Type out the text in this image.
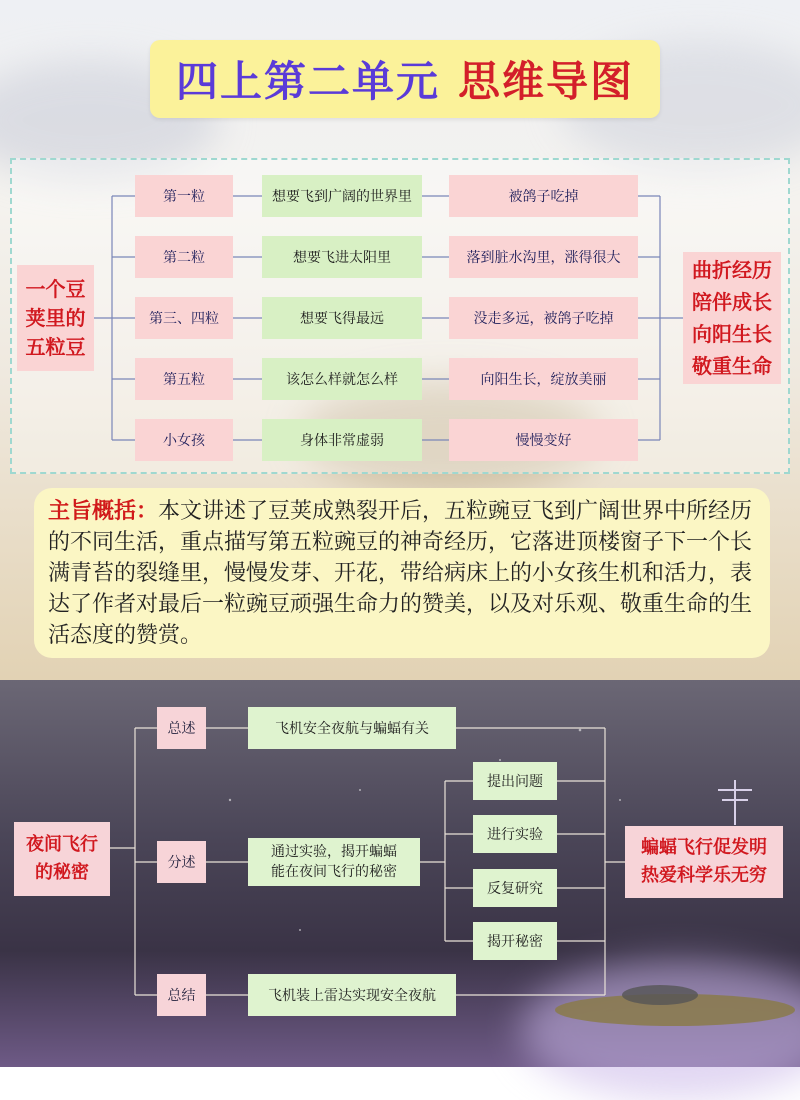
四上第二单元 思维导图
一个豆
荚里的
五粒豆
第一粒
第二粒
第三、四粒
第五粒
小女孩
想要飞到广阔的世界里
想要飞进太阳里
想要飞得最远
该怎么样就怎么样
身体非常虚弱
被鸽子吃掉
落到脏水沟里，涨得很大
没走多远，被鸽子吃掉
向阳生长，绽放美丽
慢慢变好
曲折经历
陪伴成长
向阳生长
敬重生命
主旨概括：本文讲述了豆荚成熟裂开后，五粒豌豆飞到广阔世界中所经历的不同生活，重点描写第五粒豌豆的神奇经历，它落进顶楼窗子下一个长满青苔的裂缝里，慢慢发芽、开花，带给病床上的小女孩生机和活力，表达了作者对最后一粒豌豆顽强生命力的赞美，以及对乐观、敬重生命的生活态度的赞赏。
夜间飞行
的秘密
总述
分述
总结
飞机安全夜航与蝙蝠有关
通过实验，揭开蝙蝠
能在夜间飞行的秘密
飞机装上雷达实现安全夜航
提出问题
进行实验
反复研究
揭开秘密
蝙蝠飞行促发明
热爱科学乐无穷
